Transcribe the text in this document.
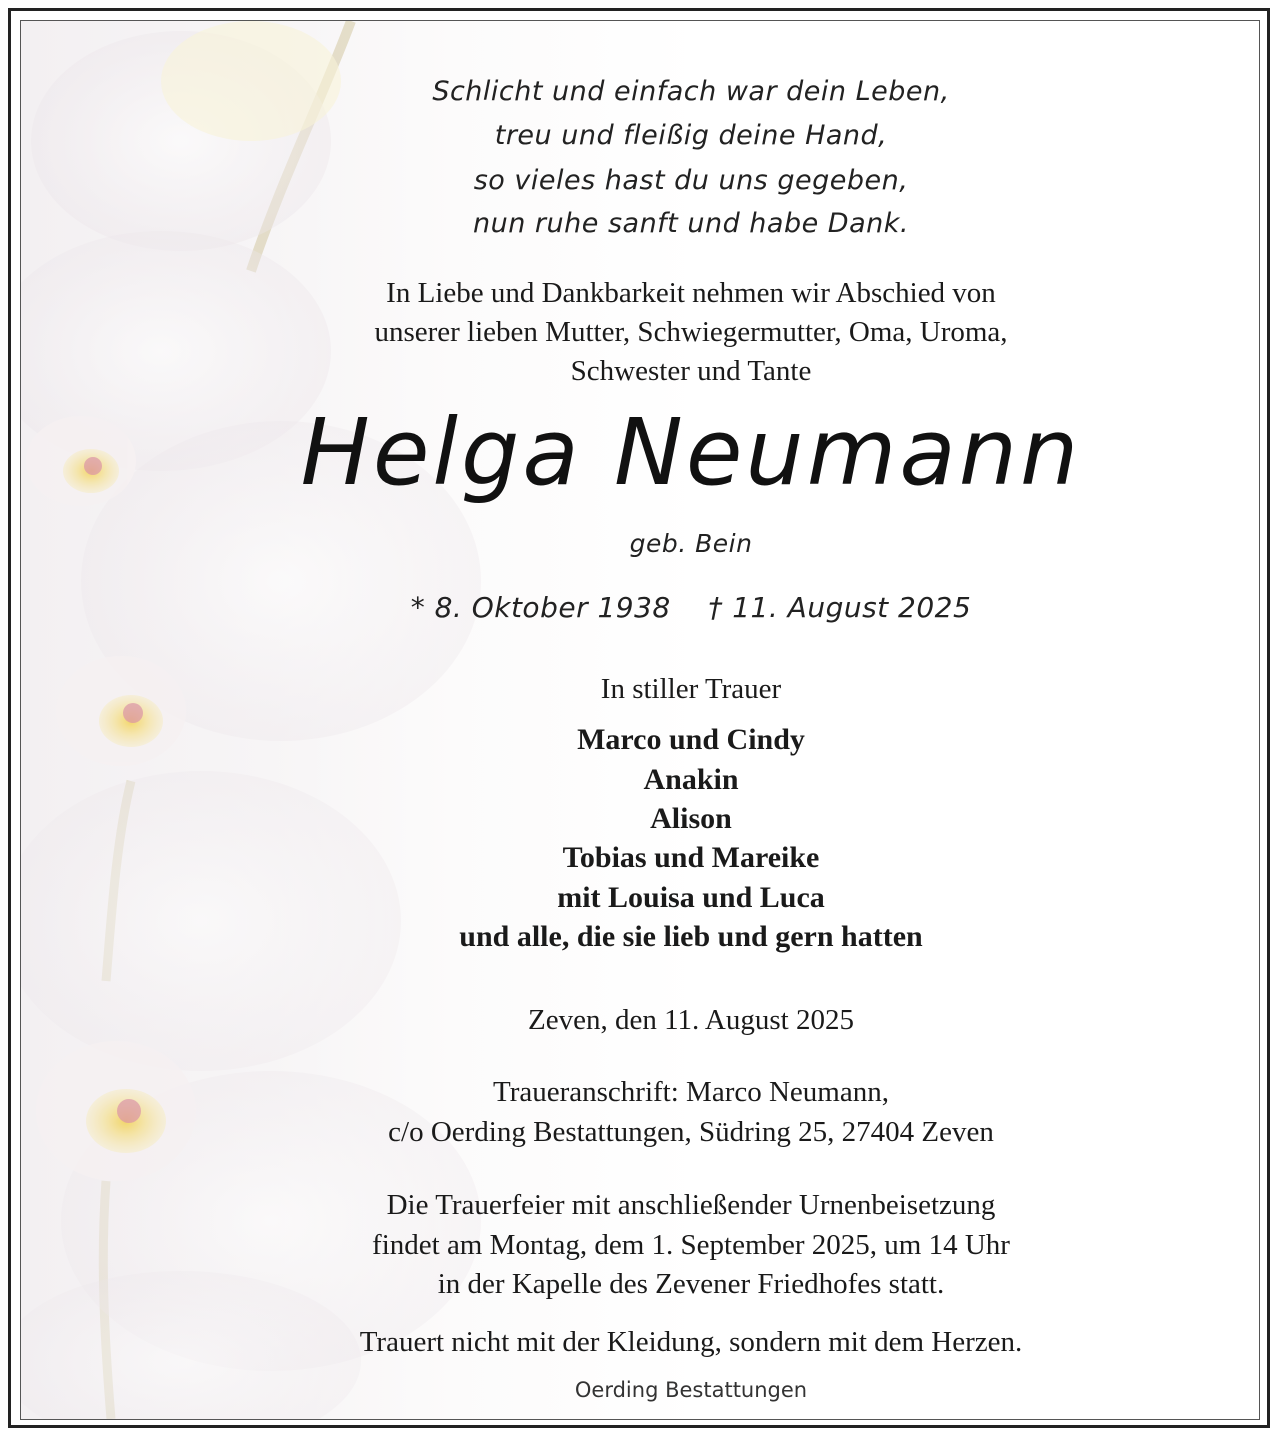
Schlicht und einfach war dein Leben,
treu und fleißig deine Hand,
so vieles hast du uns gegeben,
nun ruhe sanft und habe Dank.
In Liebe und Dankbarkeit nehmen wir Abschied von
unserer lieben Mutter, Schwiegermutter, Oma, Uroma,
Schwester und Tante
Helga Neumann
geb. Bein
* 8. Oktober 1938    † 11. August 2025
In stiller Trauer
Marco und Cindy
Anakin
Alison
Tobias und Mareike
mit Louisa und Luca
und alle, die sie lieb und gern hatten
Zeven, den 11. August 2025
Traueranschrift: Marco Neumann,
c/o Oerding Bestattungen, Südring 25, 27404 Zeven
Die Trauerfeier mit anschließender Urnenbeisetzung
findet am Montag, dem 1. September 2025, um 14 Uhr
in der Kapelle des Zevener Friedhofes statt.
Trauert nicht mit der Kleidung, sondern mit dem Herzen.
Oerding Bestattungen
